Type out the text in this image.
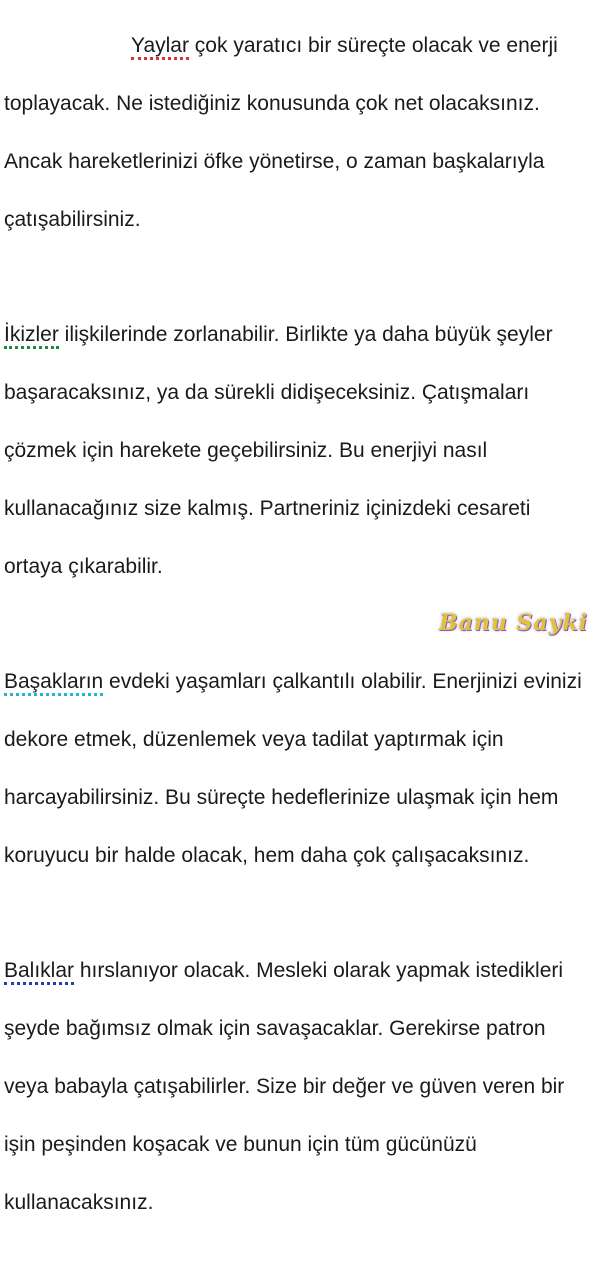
Yaylar çok yaratıcı bir süreçte olacak ve enerji

toplayacak. Ne istediğiniz konusunda çok net olacaksınız.

Ancak hareketlerinizi öfke yönetirse, o zaman başkalarıyla

çatışabilirsiniz.

İkizler ilişkilerinde zorlanabilir. Birlikte ya daha büyük şeyler

başaracaksınız, ya da sürekli didişeceksiniz. Çatışmaları

çözmek için harekete geçebilirsiniz. Bu enerjiyi nasıl

kullanacağınız size kalmış. Partneriniz içinizdeki cesareti

ortaya çıkarabilir.

Başakların evdeki yaşamları çalkantılı olabilir. Enerjinizi evinizi

dekore etmek, düzenlemek veya tadilat yaptırmak için

harcayabilirsiniz. Bu süreçte hedeflerinize ulaşmak için hem

koruyucu bir halde olacak, hem daha çok çalışacaksınız.

Balıklar hırslanıyor olacak. Mesleki olarak yapmak istedikleri

şeyde bağımsız olmak için savaşacaklar. Gerekirse patron

veya babayla çatışabilirler. Size bir değer ve güven veren bir

işin peşinden koşacak ve bunun için tüm gücünüzü

kullanacaksınız.

Banu Sayki
